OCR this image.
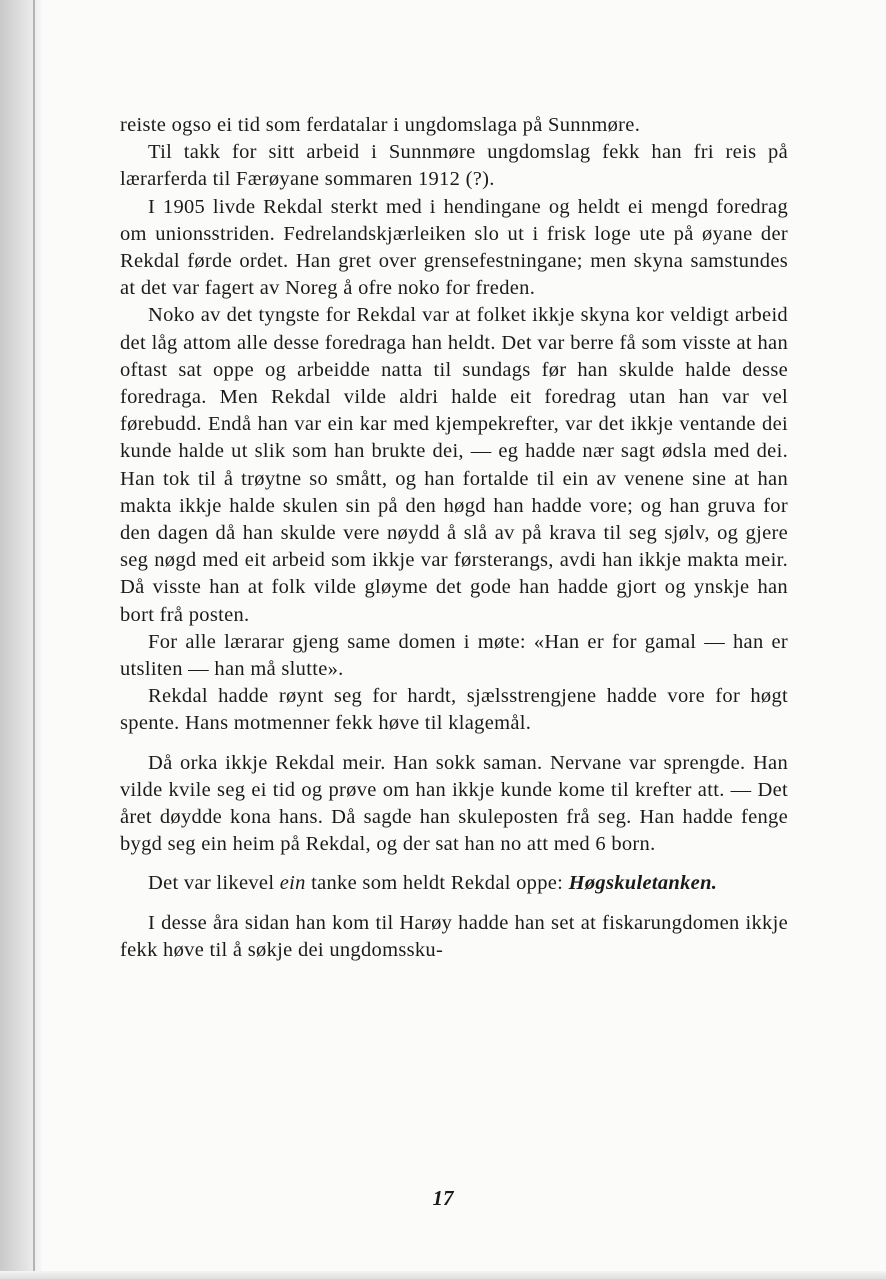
reiste ogso ei tid som ferdatalar i ungdomslaga på Sunnmøre.

Til takk for sitt arbeid i Sunnmøre ungdomslag fekk han fri reis på lærarferda til Færøyane sommaren 1912 (?).

I 1905 livde Rekdal sterkt med i hendingane og heldt ei mengd foredrag om unionsstriden. Fedrelandskjærleiken slo ut i frisk loge ute på øyane der Rekdal førde ordet. Han gret over grensefestningane; men skyna samstundes at det var fagert av Noreg å ofre noko for freden.

Noko av det tyngste for Rekdal var at folket ikkje skyna kor veldigt arbeid det låg attom alle desse foredraga han heldt. Det var berre få som visste at han oftast sat oppe og arbeidde natta til sundags før han skulde halde desse foredraga. Men Rekdal vilde aldri halde eit foredrag utan han var vel førebudd. Endå han var ein kar med kjempekrefter, var det ikkje ventande dei kunde halde ut slik som han brukte dei, — eg hadde nær sagt ødsla med dei. Han tok til å trøytne so smått, og han fortalde til ein av venene sine at han makta ikkje halde skulen sin på den høgd han hadde vore; og han gruva for den dagen då han skulde vere nøydd å slå av på krava til seg sjølv, og gjere seg nøgd med eit arbeid som ikkje var førsterangs, avdi han ikkje makta meir. Då visste han at folk vilde gløyme det gode han hadde gjort og ynskje han bort frå posten.

For alle lærarar gjeng same domen i møte: «Han er for gamal — han er utsliten — han må slutte».

Rekdal hadde røynt seg for hardt, sjælsstrengjene hadde vore for høgt spente. Hans motmenner fekk høve til klagemål.

Då orka ikkje Rekdal meir. Han sokk saman. Nervane var sprengde. Han vilde kvile seg ei tid og prøve om han ikkje kunde kome til krefter att. — Det året døydde kona hans. Då sagde han skuleposten frå seg. Han hadde fenge bygd seg ein heim på Rekdal, og der sat han no att med 6 born.

Det var likevel ein tanke som heldt Rekdal oppe: Høgskuletanken.

I desse åra sidan han kom til Harøy hadde han set at fiskarungdomen ikkje fekk høve til å søkje dei ungdomssku-

17
